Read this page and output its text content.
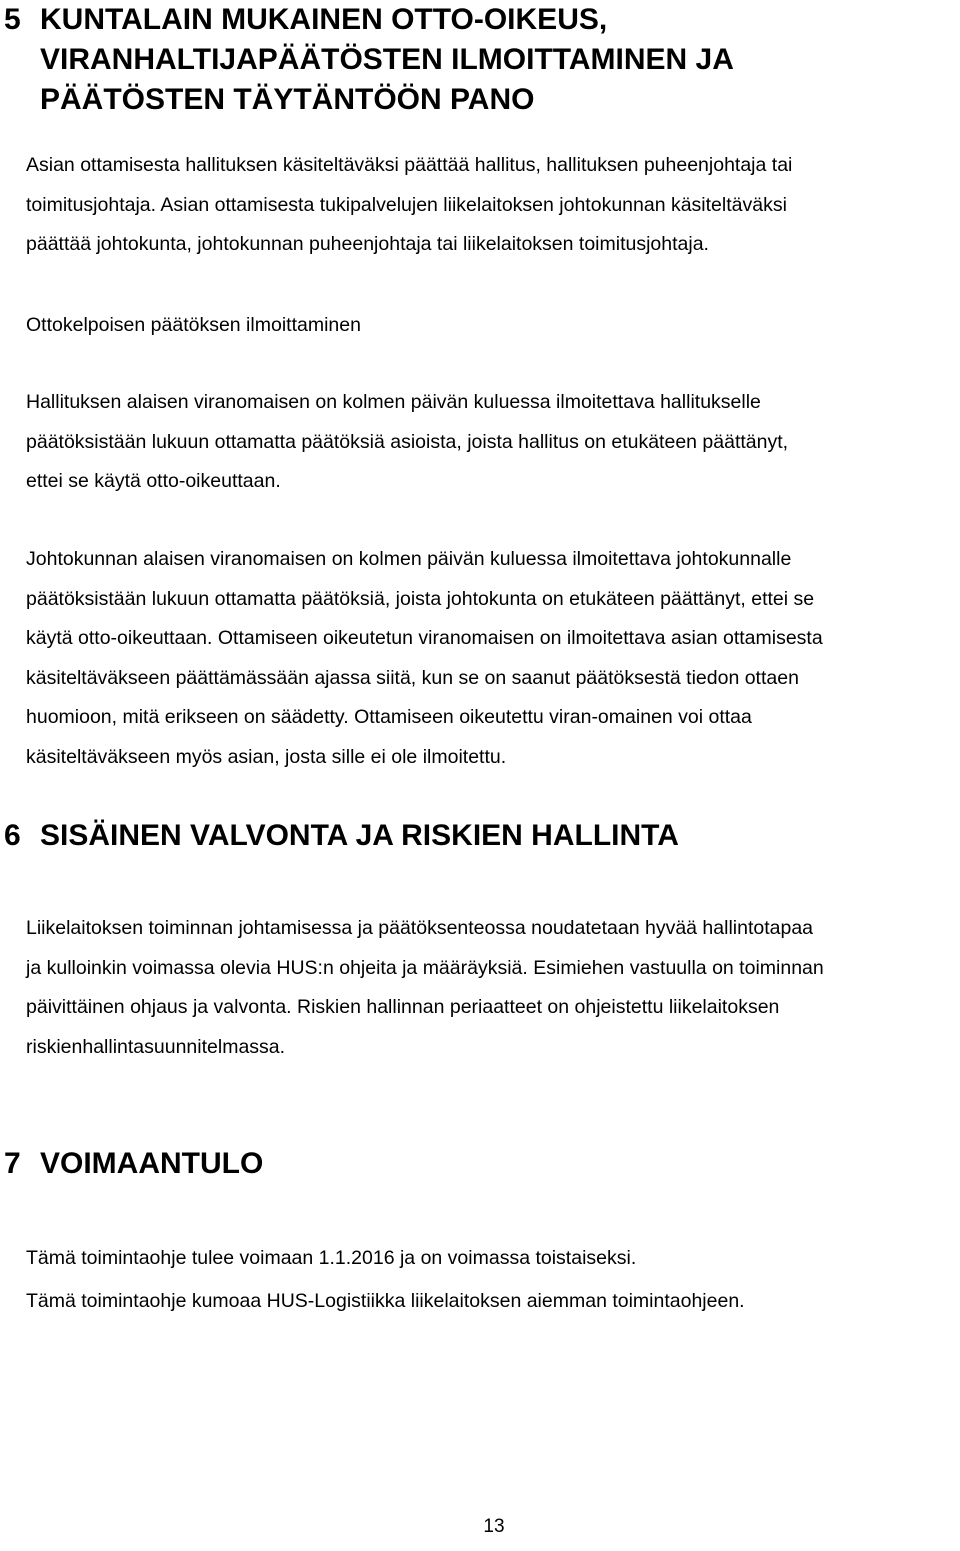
5 KUNTALAIN MUKAINEN OTTO-OIKEUS,
VIRANHALTIJAPÄÄTÖSTEN ILMOITTAMINEN JA
PÄÄTÖSTEN TÄYTÄNTÖÖN PANO

Asian ottamisesta hallituksen käsiteltäväksi päättää hallitus, hallituksen puheenjohtaja tai
toimitusjohtaja. Asian ottamisesta tukipalvelujen liikelaitoksen johtokunnan käsiteltäväksi
päättää johtokunta, johtokunnan puheenjohtaja tai liikelaitoksen toimitusjohtaja.

Ottokelpoisen päätöksen ilmoittaminen

Hallituksen alaisen viranomaisen on kolmen päivän kuluessa ilmoitettava hallitukselle
päätöksistään lukuun ottamatta päätöksiä asioista, joista hallitus on etukäteen päättänyt,
ettei se käytä otto-oikeuttaan.

Johtokunnan alaisen viranomaisen on kolmen päivän kuluessa ilmoitettava johtokunnalle
päätöksistään lukuun ottamatta päätöksiä, joista johtokunta on etukäteen päättänyt, ettei se
käytä otto-oikeuttaan. Ottamiseen oikeutetun viranomaisen on ilmoitettava asian ottamisesta
käsiteltäväkseen päättämässään ajassa siitä, kun se on saanut päätöksestä tiedon ottaen
huomioon, mitä erikseen on säädetty. Ottamiseen oikeutettu viran-omainen voi ottaa
käsiteltäväkseen myös asian, josta sille ei ole ilmoitettu.

6 SISÄINEN VALVONTA JA RISKIEN HALLINTA

Liikelaitoksen toiminnan johtamisessa ja päätöksenteossa noudatetaan hyvää hallintotapaa
ja kulloinkin voimassa olevia HUS:n ohjeita ja määräyksiä. Esimiehen vastuulla on toiminnan
päivittäinen ohjaus ja valvonta. Riskien hallinnan periaatteet on ohjeistettu liikelaitoksen
riskienhallintasuunnitelmassa.

7 VOIMAANTULO

Tämä toimintaohje tulee voimaan 1.1.2016 ja on voimassa toistaiseksi.
Tämä toimintaohje kumoaa HUS-Logistiikka liikelaitoksen aiemman toimintaohjeen.

13
